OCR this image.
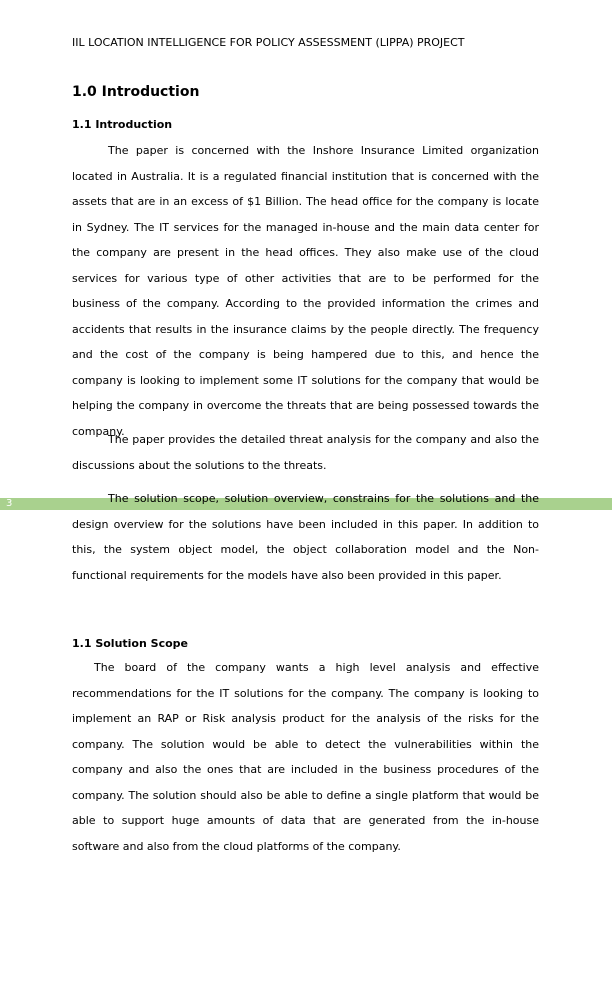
IIL LOCATION INTELLIGENCE FOR POLICY ASSESSMENT (LIPPA) PROJECT
1.0 Introduction
1.1 Introduction

The paper is concerned with the Inshore Insurance Limited organization located in Australia. It is a regulated financial institution that is concerned with the assets that are in an excess of $1 Billion. The head office for the company is locate in Sydney. The IT services for the managed in-house and the main data center for the company are present in the head offices. They also make use of the cloud services for various type of other activities that are to be performed for the business of the company. According to the provided information the crimes and accidents that results in the insurance claims by the people directly. The frequency and the cost of the company is being hampered due to this, and hence the company is looking to implement some IT solutions for the company that would be helping the company in overcome the threats that are being possessed towards the company.

The paper provides the detailed threat analysis for the company and also the discussions about the solutions to the threats.

3	The solution scope, solution overview, constrains for the solutions and the design overview for the solutions have been included in this paper. In addition to this, the system object model, the object collaboration model and the Non-functional requirements for the models have also been provided in this paper.

1.1 Solution Scope

The board of the company wants a high level analysis and effective recommendations for the IT solutions for the company. The company is looking to implement an RAP or Risk analysis product for the analysis of the risks for the company. The solution would be able to detect the vulnerabilities within the company and also the ones that are included in the business procedures of the company. The solution should also be able to define a single platform that would be able to support huge amounts of data that are generated from the in-house software and also from the cloud platforms of the company.
